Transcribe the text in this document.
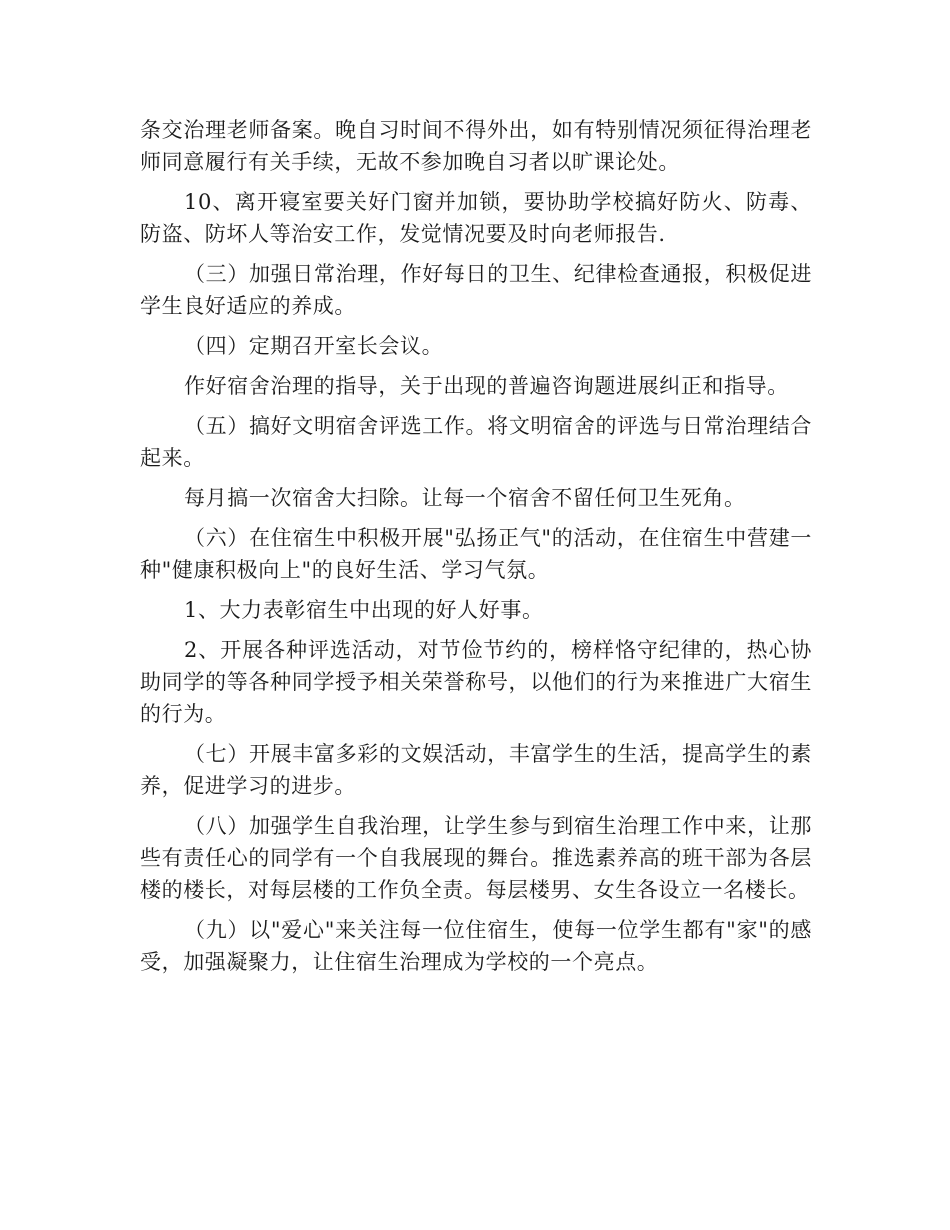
条交治理老师备案。晚自习时间不得外出，如有特别情况须征得治理老师同意履行有关手续，无故不参加晚自习者以旷课论处。

10、离开寝室要关好门窗并加锁，要协助学校搞好防火、防毒、防盗、防坏人等治安工作，发觉情况要及时向老师报告.

（三）加强日常治理，作好每日的卫生、纪律检查通报，积极促进学生良好适应的养成。

（四）定期召开室长会议。

作好宿舍治理的指导，关于出现的普遍咨询题进展纠正和指导。

（五）搞好文明宿舍评选工作。将文明宿舍的评选与日常治理结合起来。

每月搞一次宿舍大扫除。让每一个宿舍不留任何卫生死角。

（六）在住宿生中积极开展"弘扬正气"的活动，在住宿生中营建一种"健康积极向上"的良好生活、学习气氛。

1、大力表彰宿生中出现的好人好事。

2、开展各种评选活动，对节俭节约的，榜样恪守纪律的，热心协助同学的等各种同学授予相关荣誉称号，以他们的行为来推进广大宿生的行为。

（七）开展丰富多彩的文娱活动，丰富学生的生活，提高学生的素养，促进学习的进步。

（八）加强学生自我治理，让学生参与到宿生治理工作中来，让那些有责任心的同学有一个自我展现的舞台。推选素养高的班干部为各层楼的楼长，对每层楼的工作负全责。每层楼男、女生各设立一名楼长。

（九）以"爱心"来关注每一位住宿生，使每一位学生都有"家"的感受，加强凝聚力，让住宿生治理成为学校的一个亮点。
